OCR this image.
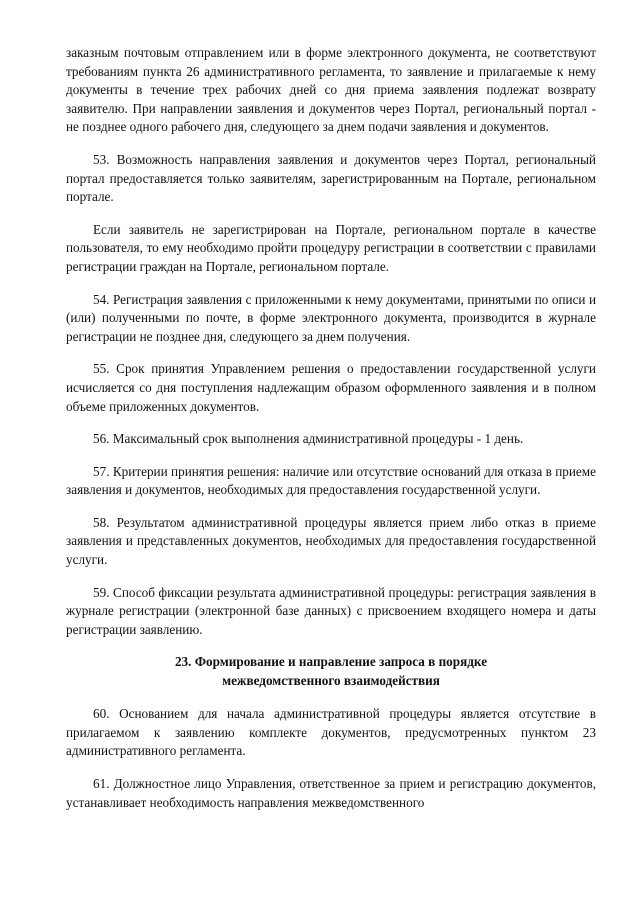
заказным почтовым отправлением или в форме электронного документа, не соответствуют требованиям пункта 26 административного регламента, то заявление и прилагаемые к нему документы в течение трех рабочих дней со дня приема заявления подлежат возврату заявителю. При направлении заявления и документов через Портал, региональный портал - не позднее одного рабочего дня, следующего за днем подачи заявления и документов.

53. Возможность направления заявления и документов через Портал, региональный портал предоставляется только заявителям, зарегистрированным на Портале, региональном портале.

Если заявитель не зарегистрирован на Портале, региональном портале в качестве пользователя, то ему необходимо пройти процедуру регистрации в соответствии с правилами регистрации граждан на Портале, региональном портале.

54. Регистрация заявления с приложенными к нему документами, принятыми по описи и (или) полученными по почте, в форме электронного документа, производится в журнале регистрации не позднее дня, следующего за днем получения.

55. Срок принятия Управлением решения о предоставлении государственной услуги исчисляется со дня поступления надлежащим образом оформленного заявления и в полном объеме приложенных документов.

56. Максимальный срок выполнения административной процедуры - 1 день.

57. Критерии принятия решения: наличие или отсутствие оснований для отказа в приеме заявления и документов, необходимых для предоставления государственной услуги.

58. Результатом административной процедуры является прием либо отказ в приеме заявления и представленных документов, необходимых для предоставления государственной услуги.

59. Способ фиксации результата административной процедуры: регистрация заявления в журнале регистрации (электронной базе данных) с присвоением входящего номера и даты регистрации заявлению.

23. Формирование и направление запроса в порядке
межведомственного взаимодействия

60. Основанием для начала административной процедуры является отсутствие в прилагаемом к заявлению комплекте документов, предусмотренных пунктом 23 административного регламента.

61. Должностное лицо Управления, ответственное за прием и регистрацию документов, устанавливает необходимость направления межведомственного
